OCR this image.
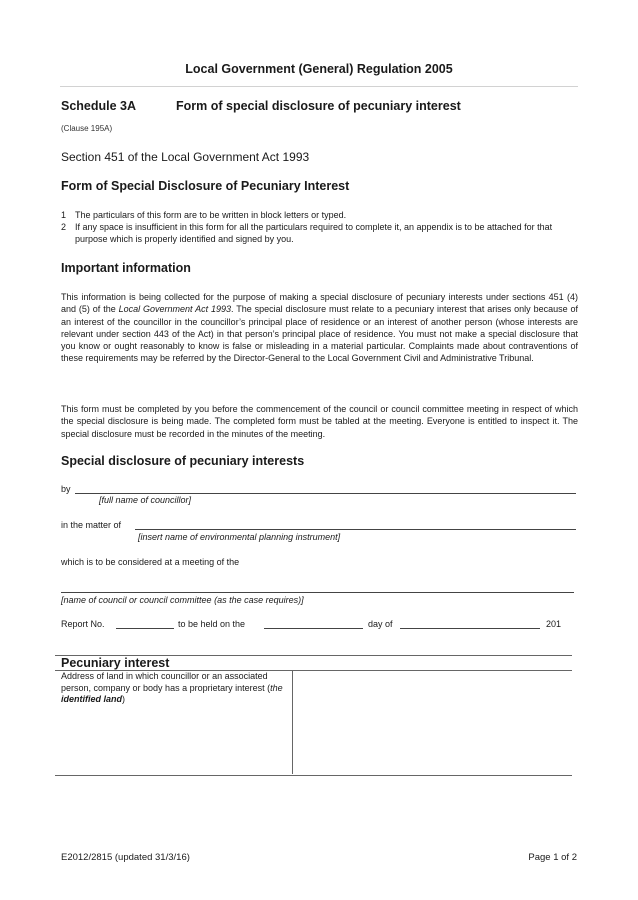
Local Government (General) Regulation 2005
Schedule 3A	Form of special disclosure of pecuniary interest
(Clause 195A)
Section 451 of the Local Government Act 1993
Form of Special Disclosure of Pecuniary Interest
1 The particulars of this form are to be written in block letters or typed.
2 If any space is insufficient in this form for all the particulars required to complete it, an appendix is to be attached for that purpose which is properly identified and signed by you.
Important information
This information is being collected for the purpose of making a special disclosure of pecuniary interests under sections 451 (4) and (5) of the Local Government Act 1993. The special disclosure must relate to a pecuniary interest that arises only because of an interest of the councillor in the councillor’s principal place of residence or an interest of another person (whose interests are relevant under section 443 of the Act) in that person’s principal place of residence. You must not make a special disclosure that you know or ought reasonably to know is false or misleading in a material particular. Complaints made about contraventions of these requirements may be referred by the Director-General to the Local Government Civil and Administrative Tribunal.
This form must be completed by you before the commencement of the council or council committee meeting in respect of which the special disclosure is being made. The completed form must be tabled at the meeting. Everyone is entitled to inspect it. The special disclosure must be recorded in the minutes of the meeting.
Special disclosure of pecuniary interests
by
[full name of councillor]
in the matter of
[insert name of environmental planning instrument]
which is to be considered at a meeting of the
[name of council or council committee (as the case requires)]
Report No.	to be held on the	day of	201
Pecuniary interest
Address of land in which councillor or an associated person, company or body has a proprietary interest (the identified land)
E2012/2815 (updated 31/3/16)	Page 1 of 2
